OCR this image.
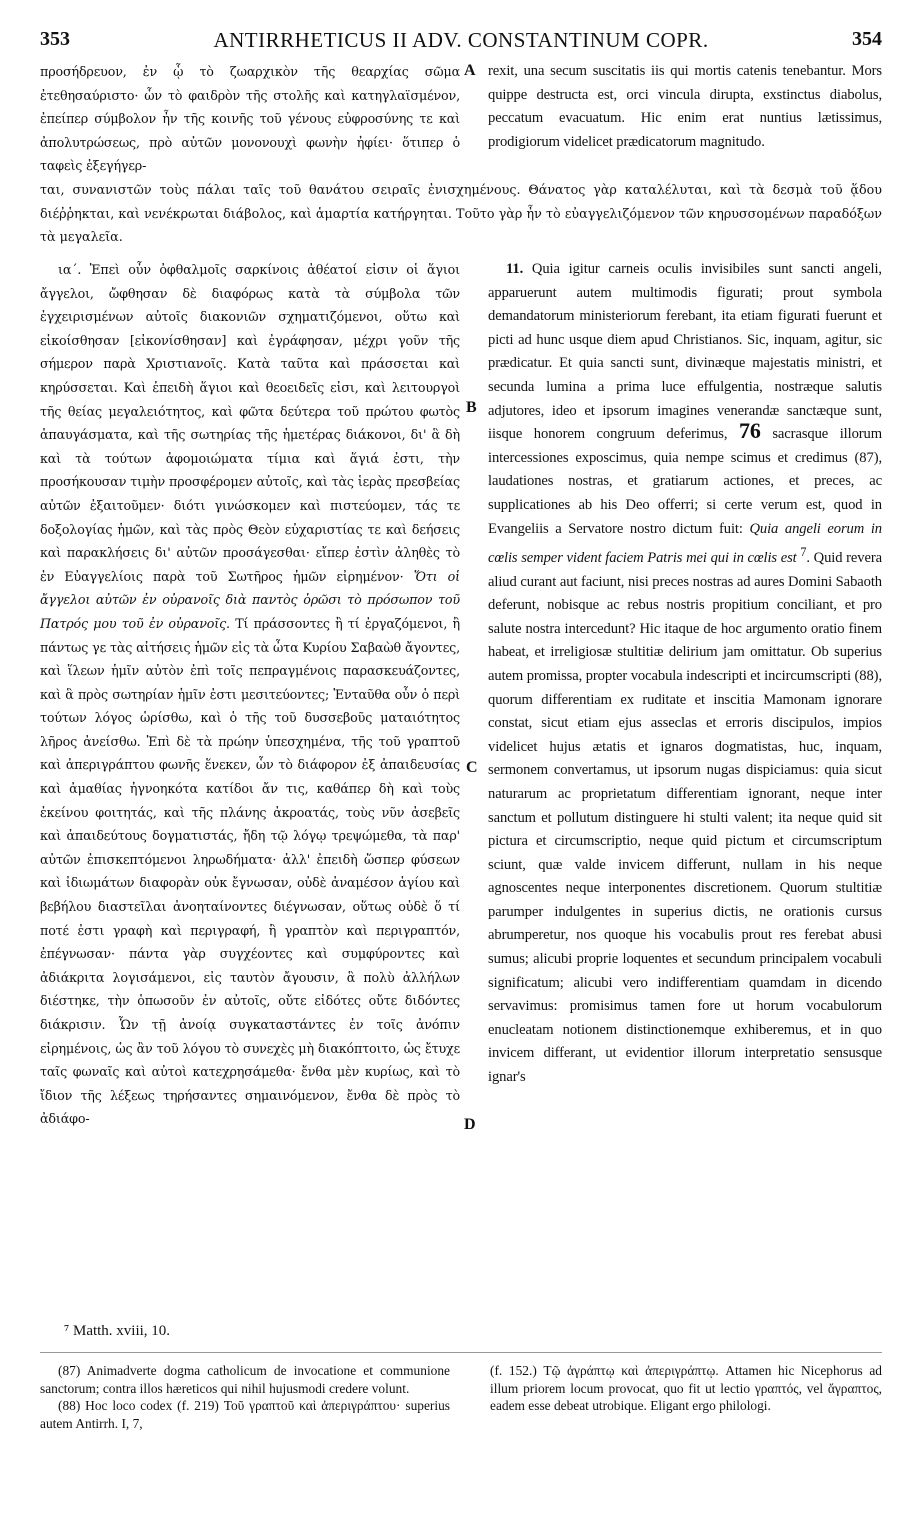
353	ANTIRRHETICUS II ADV. CONSTANTINUM COPR.	354

προσήδρευον, ἐν ᾧ τὸ ζωαρχικὸν τῆς θεαρχίας σῶμα ἐτεθησαύριστο· ὧν τὸ φαιδρὸν τῆς στολῆς καὶ κατηγλαϊσμένον, ἐπείπερ σύμβολον ἦν τῆς κοινῆς τοῦ γένους εὐφροσύνης τε καὶ ἀπολυτρώσεως, πρὸ αὐτῶν μονονουχὶ φωνὴν ἠφίει· ὅτιπερ ὁ ταφεὶς ἐξεγήγερ-

rexit, una secum suscitatis iis qui mortis catenis tenebantur. Mors quippe destructa est, orci vincula dirupta, exstinctus diabolus, peccatum evacuatum. Hic enim erat nuntius lætissimus, prodigiorum videlicet prædicatorum magnitudo.

A
ται, συνανιστῶν τοὺς πάλαι ταῖς τοῦ θανάτου σειραῖς ἐνισχημένους. Θάνατος γὰρ καταλέλυται, καὶ τὰ δεσμὰ τοῦ ᾅδου διέῤῥηκται, καὶ νενέκρωται διάβολος, καὶ ἁμαρτία κατήργηται. Τοῦτο γὰρ ἦν τὸ εὐαγγελιζόμενον τῶν κηρυσσομένων παραδόξων τὰ μεγαλεῖα.

ια΄. Ἐπεὶ οὖν ὀφθαλμοῖς σαρκίνοις ἀθέατοί εἰσιν οἱ ἅγιοι ἄγγελοι, ὤφθησαν δὲ διαφόρως κατὰ τὰ σύμβολα τῶν ἐγχειρισμένων αὐτοῖς διακονιῶν σχηματιζόμενοι, οὕτω καὶ εἰκοίσθησαν [εἰκονίσθησαν] καὶ ἐγράφησαν, μέχρι γοῦν τῆς σήμερον παρὰ Χριστιανοῖς. Κατὰ ταῦτα καὶ πράσσεται καὶ κηρύσσεται. Καὶ ἐπειδὴ ἅγιοι καὶ θεοειδεῖς εἰσι, καὶ λειτουργοὶ τῆς θείας μεγαλειότητος, καὶ φῶτα δεύτερα τοῦ πρώτου φωτὸς ἀπαυγάσματα, καὶ τῆς σωτηρίας τῆς ἡμετέρας διάκονοι, δι' ἃ δὴ καὶ τὰ τούτων ἀφομοιώματα τίμια καὶ ἅγιά ἐστι, τὴν προσήκουσαν τιμὴν προσφέρομεν αὐτοῖς, καὶ τὰς ἱερὰς πρεσβείας αὐτῶν ἐξαιτοῦμεν· διότι γινώσκομεν καὶ πιστεύομεν, τάς τε δοξολογίας ἡμῶν, καὶ τὰς πρὸς Θεὸν εὐχαριστίας τε καὶ δεήσεις καὶ παρακλήσεις δι' αὐτῶν προσάγεσθαι· εἴπερ ἐστὶν ἀληθὲς τὸ ἐν Εὐαγγελίοις παρὰ τοῦ Σωτῆρος ἡμῶν εἰρημένον· Ὅτι οἱ ἄγγελοι αὐτῶν ἐν οὐρανοῖς διὰ παντὸς ὁρῶσι τὸ πρόσωπον τοῦ Πατρός μου τοῦ ἐν οὐρανοῖς. Τί πράσσοντες ἢ τί ἐργαζόμενοι, ἢ πάντως γε τὰς αἰτήσεις ἡμῶν εἰς τὰ ὦτα Κυρίου Σαβαὼθ ἄγοντες, καὶ ἵλεων ἡμῖν αὐτὸν ἐπὶ τοῖς πεπραγμένοις παρασκευάζοντες, καὶ ἃ πρὸς σωτηρίαν ἡμῖν ἐστι μεσιτεύοντες; Ἐνταῦθα οὖν ὁ περὶ τούτων λόγος ὡρίσθω, καὶ ὁ τῆς τοῦ δυσσεβοῦς ματαιότητος λῆρος ἀνείσθω. Ἐπὶ δὲ τὰ πρώην ὑπεσχημένα, τῆς τοῦ γραπτοῦ καὶ ἀπεριγράπτου φωνῆς ἕνεκεν, ὧν τὸ διάφορον ἐξ ἀπαιδευσίας καὶ ἀμαθίας ἠγνοηκότα κατίδοι ἄν τις, καθάπερ δὴ καὶ τοὺς ἐκείνου φοιτητάς, καὶ τῆς πλάνης ἀκροατάς, τοὺς νῦν ἀσεβεῖς καὶ ἀπαιδεύτους δογματιστάς, ἤδη τῷ λόγῳ τρεψώμεθα, τὰ παρ' αὐτῶν ἐπισκεπτόμενοι ληρωδήματα· ἀλλ' ἐπειδὴ ὥσπερ φύσεων καὶ ἰδιωμάτων διαφορὰν οὐκ ἔγνωσαν, οὐδὲ ἀναμέσον ἁγίου καὶ βεβήλου διαστεῖλαι ἀνοηταίνοντες διέγνωσαν, οὕτως οὐδὲ ὅ τί ποτέ ἐστι γραφὴ καὶ περιγραφή, ἢ γραπτὸν καὶ περιγραπτόν, ἐπέγνωσαν· πάντα γὰρ συγχέοντες καὶ συμφύροντες καὶ ἀδιάκριτα λογισάμενοι, εἰς ταυτὸν ἄγουσιν, ἃ πολὺ ἀλλήλων διέστηκε, τὴν ὁπωσοῦν ἐν αὐτοῖς, οὔτε εἰδότες οὔτε διδόντες διάκρισιν. Ὧν τῇ ἀνοίᾳ συγκαταστάντες ἐν τοῖς ἀνόπιν εἰρημένοις, ὡς ἂν τοῦ λόγου τὸ συνεχὲς μὴ διακόπτοιτο, ὡς ἔτυχε ταῖς φωναῖς καὶ αὐτοὶ κατεχρησάμεθα· ἔνθα μὲν κυρίως, καὶ τὸ ἴδιον τῆς λέξεως τηρήσαντες σημαινόμενον, ἔνθα δὲ πρὸς τὸ ἀδιάφο-

11. Quia igitur carneis oculis invisibiles sunt sancti angeli, apparuerunt autem multimodis figurati; prout symbola demandatorum ministeriorum ferebant, ita etiam figurati fuerunt et picti ad hunc usque diem apud Christianos. Sic, inquam, agitur, sic prædicatur. Et quia sancti sunt, divinæque majestatis ministri, et secunda lumina a prima luce effulgentia, nostræque salutis adjutores, ideo et ipsorum imagines venerandæ sanctæque sunt, iisque honorem congruum deferimus, 76 sacrasque illorum intercessiones exposcimus, quia nempe scimus et credimus (87), laudationes nostras, et gratiarum actiones, et preces, ac supplicationes ab his Deo offerri; si certe verum est, quod in Evangeliis a Servatore nostro dictum fuit: Quia angeli eorum in cœlis semper vident faciem Patris mei qui in cœlis est $^7$. Quid revera aliud curant aut faciunt, nisi preces nostras ad aures Domini Sabaoth deferunt, nobisque ac rebus nostris propitium conciliant, et pro salute nostra intercedunt? Hic itaque de hoc argumento oratio finem habeat, et irreligiosæ stultitiæ delirium jam omittatur. Ob superius autem promissa, propter vocabula indescripti et incircumscripti (88), quorum differentiam ex ruditate et inscitia Mamonam ignorare constat, sicut etiam ejus asseclas et erroris discipulos, impios videlicet hujus ætatis et ignaros dogmatistas, huc, inquam, sermonem convertamus, ut ipsorum nugas dispiciamus: quia sicut naturarum ac proprietatum differentiam ignorant, neque inter sanctum et pollutum distinguere hi stulti valent; ita neque quid sit pictura et circumscriptio, neque quid pictum et circumscriptum sciunt, quæ valde invicem differunt, nullam in his neque agnoscentes neque interponentes discretionem. Quorum stultitiæ parumper indulgentes in superius dictis, ne orationis cursus abrumperetur, nos quoque his vocabulis prout res ferebat abusi sumus; alicubi proprie loquentes et secundum principalem vocabuli significatum; alicubi vero indifferentiam quamdam in dicendo servavimus: promisimus tamen fore ut horum vocabulorum enucleatam notionem distinctionemque exhiberemus, et in quo invicem differant, ut evidentior illorum interpretatio sensusque ignar's

B
C
D
⁷ Matth. xviii, 10.

(87) Animadverte dogma catholicum de invocatione et communione sanctorum; contra illos hæreticos qui nihil hujusmodi credere volunt.

(88) Hoc loco codex (f. 219) Τοῦ γραπτοῦ καὶ ἀπεριγράπτου· superius autem Antirrh. I, 7,

(f. 152.) Τῷ ἀγράπτῳ καὶ ἀπεριγράπτῳ. Attamen hic Nicephorus ad illum priorem locum provocat, quo fit ut lectio γραπτός, vel ἄγραπτος, eadem esse debeat utrobique. Eligant ergo philologi.
